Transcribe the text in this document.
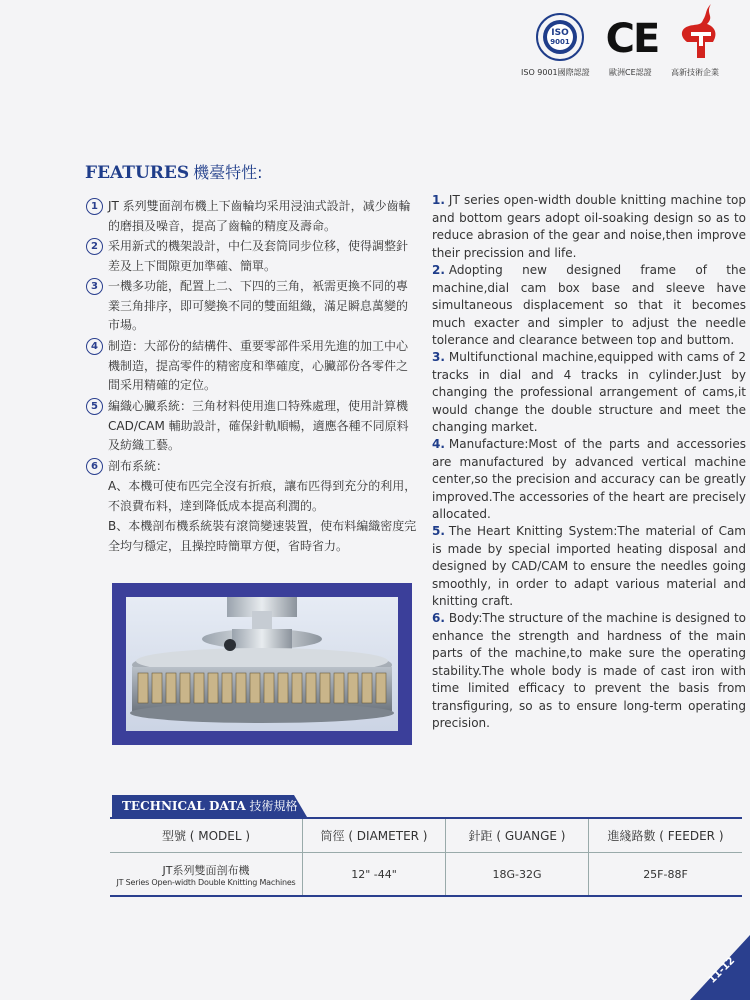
ISO
9001 CE
ISO 9001國際認證 歐洲CE認證 高新技術企業
FEATURES 機臺特性:
1 JT 系列雙面剖布機上下齒輪均采用浸油式設計，减少齒輪的磨損及噪音，提高了齒輪的精度及壽命。
2 采用新式的機架設計，中仁及套筒同步位移，使得調整針差及上下間隙更加準確、簡單。
3 一機多功能，配置上二、下四的三角，衹需更換不同的專業三角排序，即可變換不同的雙面組織，滿足瞬息萬變的市場。
4 制造：大部份的結構件、重要零部件采用先進的加工中心機制造，提高零件的精密度和準確度，心臟部份各零件之間采用精確的定位。
5 編織心臟系統：三角材料使用進口特殊處理，使用計算機 CAD/CAM 輔助設計，確保針軌順暢，適應各種不同原料及紡織工藝。
6 剖布系統：
A、本機可使布匹完全沒有折痕，讓布匹得到充分的利用，不浪費布料，達到降低成本提高利潤的。
B、本機剖布機系統裝有滾筒變速裝置，使布料編織密度完全均勻穩定，且操控時簡單方便，省時省力。
1. JT series open-width double knitting machine top and bottom gears adopt oil-soaking design so as to reduce abrasion of the gear and noise,then improve their precission and life.
2. Adopting new designed frame of the machine,dial cam box base and sleeve have simultaneous displacement so that it becomes much exacter and simpler to adjust the needle tolerance and clearance between top and buttom.
3. Multifunctional machine,equipped with cams of 2 tracks in dial and 4 tracks in cylinder.Just by changing the professional arrangement of cams,it would change the double structure and meet the changing market.
4. Manufacture:Most of the parts and accessories are manufactured by advanced vertical machine center,so the precision and accuracy can be greatly improved.The accessories of the heart are precisely allocated.
5. The Heart Knitting System:The material of Cam is made by special imported heating disposal and designed by CAD/CAM to ensure the needles going smoothly, in order to adapt various material and knitting craft.
6. Body:The structure of the machine is designed to enhance the strength and hardness of the main parts of the machine,to make sure the operating stability.The whole body is made of cast iron with time limited efficacy to prevent the basis from transfiguring, so as to ensure long-term operating precision.
TECHNICAL DATA 技術規格
型號 ( MODEL )	筒徑 ( DIAMETER )	針距 ( GUANGE )	進綫路數 ( FEEDER )

JT系列雙面剖布機
JT Series Open-width Double Knitting Machines	12" -44"	18G-32G	25F-88F
11-12
